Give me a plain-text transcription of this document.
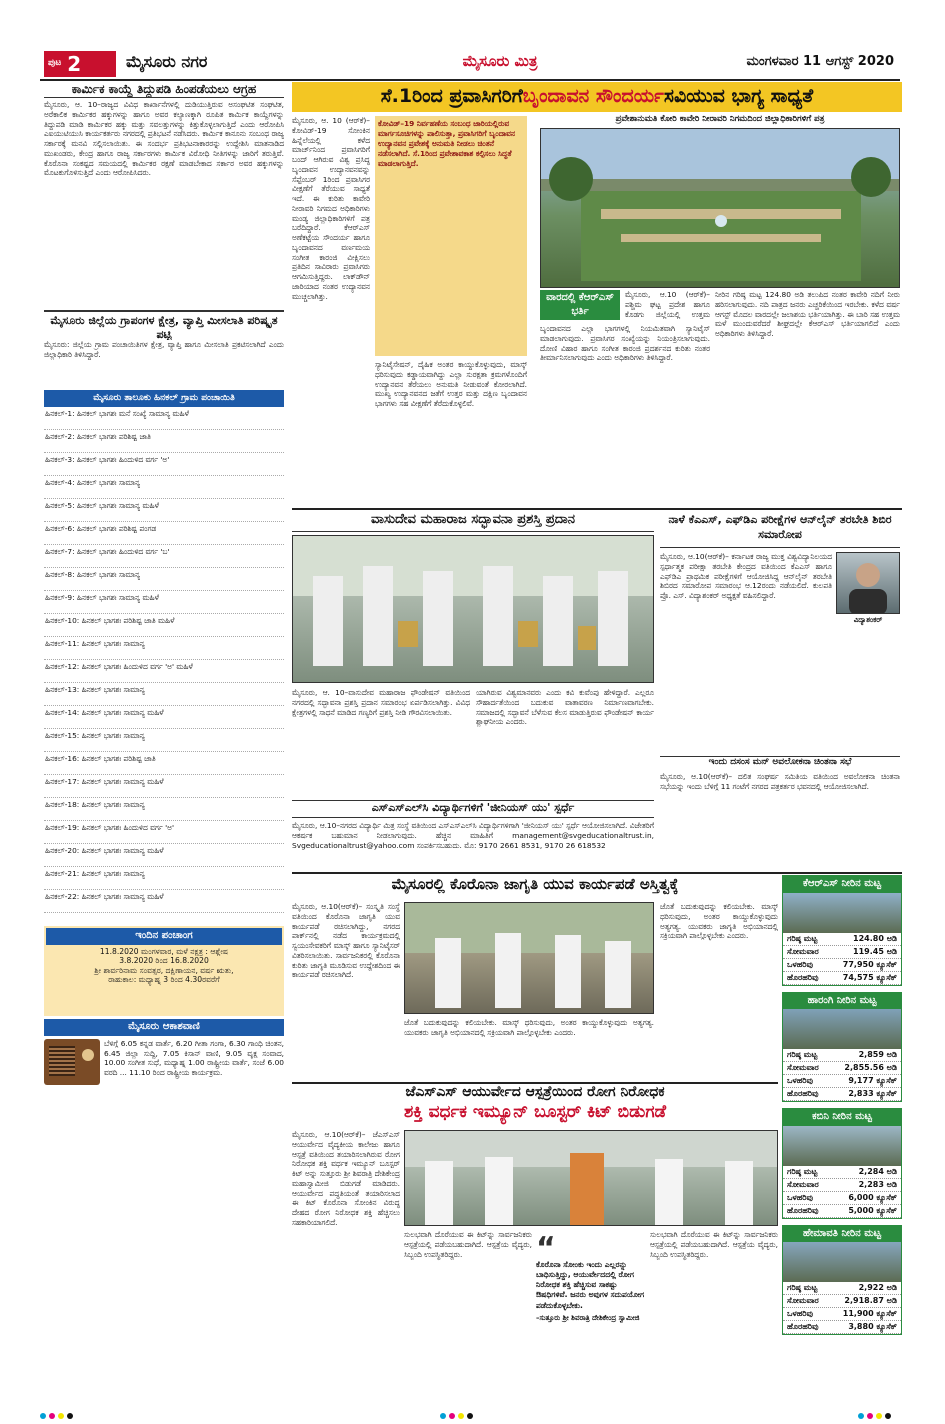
ಪುಟ 2	ಮೈಸೂರು ನಗರ	ಮೈಸೂರು ಮಿತ್ರ	ಮಂಗಳವಾರ 11 ಆಗಸ್ಟ್ 2020
ಕಾರ್ಮಿಕ ಕಾಯ್ದೆ ತಿದ್ದುಪಡಿ ಹಿಂಪಡೆಯಲು ಆಗ್ರಹ
ಮೈಸೂರು, ಆ. 10–ರಾಜ್ಯದ ವಿವಿಧ ಕಾರ್ಖಾನೆಗಳಲ್ಲಿ ದುಡಿಯುತ್ತಿರುವ ಅಸಂಘಟಿತ ಸಂಘಟಿತ, ಅರೆಕಾಲಿಕ ಕಾರ್ಮಿಕರ ಹಕ್ಕುಗಳನ್ನು ಹಾಗೂ ಅವರ ಕಲ್ಯಾಣಕ್ಕಾಗಿ ರೂಪಿತ ಕಾರ್ಮಿಕ ಕಾಯ್ದೆಗಳನ್ನು ತಿದ್ದುಪಡಿ ಮಾಡಿ ಕಾರ್ಮಿಕರ ಹಕ್ಕು ಮತ್ತು ಸವಲತ್ತುಗಳನ್ನು ಕಿತ್ತುಕೊಳ್ಳಲಾಗುತ್ತಿದೆ ಎಂದು ಆರೋಪಿಸಿ ಎಐಯುಟಿಯುಸಿ ಕಾರ್ಯಕರ್ತರು ನಗರದಲ್ಲಿ ಪ್ರತಿಭಟನೆ ನಡೆಸಿದರು. ಕಾರ್ಮಿಕ ಕಾನೂನು ಸಂಬಂಧ ರಾಜ್ಯ ಸರ್ಕಾರಕ್ಕೆ ಮನವಿ ಸಲ್ಲಿಸಲಾಯಿತು. ಈ ಸಂದರ್ಭ ಪ್ರತಿಭಟನಾಕಾರರನ್ನು ಉದ್ದೇಶಿಸಿ ಮಾತನಾಡಿದ ಮುಖಂಡರು, ಕೇಂದ್ರ ಹಾಗೂ ರಾಜ್ಯ ಸರ್ಕಾರಗಳು ಕಾರ್ಮಿಕ ವಿರೋಧಿ ನೀತಿಗಳನ್ನು ಜಾರಿಗೆ ತರುತ್ತಿವೆ. ಕೊರೊನಾ ಸಂಕಷ್ಟದ ಸಮಯದಲ್ಲಿ ಕಾರ್ಮಿಕರ ರಕ್ಷಣೆ ಮಾಡಬೇಕಾದ ಸರ್ಕಾರ ಅವರ ಹಕ್ಕುಗಳನ್ನು ಮೊಟಕುಗೊಳಿಸುತ್ತಿದೆ ಎಂದು ಆರೋಪಿಸಿದರು.
ಮೈಸೂರು ಜಿಲ್ಲೆಯ ಗ್ರಾಪಂಗಳ ಕ್ಷೇತ್ರ, ವ್ಯಾಪ್ತಿ ಮೀಸಲಾತಿ ಪರಿಷ್ಕೃತ ಪಟ್ಟಿ
ಮೈಸೂರು: ಜಿಲ್ಲೆಯ ಗ್ರಾಮ ಪಂಚಾಯಿತಿಗಳ ಕ್ಷೇತ್ರ, ವ್ಯಾಪ್ತಿ ಹಾಗೂ ಮೀಸಲಾತಿ ಪ್ರಕಟಿಸಲಾಗಿದೆ ಎಂದು ಜಿಲ್ಲಾಧಿಕಾರಿ ತಿಳಿಸಿದ್ದಾರೆ.
ಮೈಸೂರು ತಾಲೂಕು ಹಿನಕಲ್ ಗ್ರಾಮ ಪಂಚಾಯಿತಿ
ಹಿನಕಲ್-1: ಹಿನಕಲ್ ಭಾಗಶಃ ಮನೆ ಸಂಖ್ಯೆ ಸಾಮಾನ್ಯ ಮಹಿಳೆ
ಹಿನಕಲ್-2: ಹಿನಕಲ್ ಭಾಗಶಃ ಪರಿಶಿಷ್ಟ ಜಾತಿ
ಹಿನಕಲ್-3: ಹಿನಕಲ್ ಭಾಗಶಃ ಹಿಂದುಳಿದ ವರ್ಗ 'ಅ'
ಹಿನಕಲ್-4: ಹಿನಕಲ್ ಭಾಗಶಃ ಸಾಮಾನ್ಯ
ಹಿನಕಲ್-5: ಹಿನಕಲ್ ಭಾಗಶಃ ಸಾಮಾನ್ಯ ಮಹಿಳೆ
ಹಿನಕಲ್-6: ಹಿನಕಲ್ ಭಾಗಶಃ ಪರಿಶಿಷ್ಟ ಪಂಗಡ
ಹಿನಕಲ್-7: ಹಿನಕಲ್ ಭಾಗಶಃ ಹಿಂದುಳಿದ ವರ್ಗ 'ಬ'
ಹಿನಕಲ್-8: ಹಿನಕಲ್ ಭಾಗಶಃ ಸಾಮಾನ್ಯ
ಹಿನಕಲ್-9: ಹಿನಕಲ್ ಭಾಗಶಃ ಸಾಮಾನ್ಯ ಮಹಿಳೆ
ಹಿನಕಲ್-10: ಹಿನಕಲ್ ಭಾಗಶಃ ಪರಿಶಿಷ್ಟ ಜಾತಿ ಮಹಿಳೆ
ಹಿನಕಲ್-11: ಹಿನಕಲ್ ಭಾಗಶಃ ಸಾಮಾನ್ಯ
ಹಿನಕಲ್-12: ಹಿನಕಲ್ ಭಾಗಶಃ ಹಿಂದುಳಿದ ವರ್ಗ 'ಅ' ಮಹಿಳೆ
ಹಿನಕಲ್-13: ಹಿನಕಲ್ ಭಾಗಶಃ ಸಾಮಾನ್ಯ
ಹಿನಕಲ್-14: ಹಿನಕಲ್ ಭಾಗಶಃ ಸಾಮಾನ್ಯ ಮಹಿಳೆ
ಹಿನಕಲ್-15: ಹಿನಕಲ್ ಭಾಗಶಃ ಸಾಮಾನ್ಯ
ಹಿನಕಲ್-16: ಹಿನಕಲ್ ಭಾಗಶಃ ಪರಿಶಿಷ್ಟ ಜಾತಿ
ಹಿನಕಲ್-17: ಹಿನಕಲ್ ಭಾಗಶಃ ಸಾಮಾನ್ಯ ಮಹಿಳೆ
ಹಿನಕಲ್-18: ಹಿನಕಲ್ ಭಾಗಶಃ ಸಾಮಾನ್ಯ
ಹಿನಕಲ್-19: ಹಿನಕಲ್ ಭಾಗಶಃ ಹಿಂದುಳಿದ ವರ್ಗ 'ಅ'
ಹಿನಕಲ್-20: ಹಿನಕಲ್ ಭಾಗಶಃ ಸಾಮಾನ್ಯ ಮಹಿಳೆ
ಹಿನಕಲ್-21: ಹಿನಕಲ್ ಭಾಗಶಃ ಸಾಮಾನ್ಯ
ಹಿನಕಲ್-22: ಹಿನಕಲ್ ಭಾಗಶಃ ಸಾಮಾನ್ಯ ಮಹಿಳೆ
ಇಂದಿನ ಪಂಚಾಂಗ
11.8.2020 ಮಂಗಳವಾರ, ಮಳೆ ನಕ್ಷತ್ರ : ಆಶ್ಲೇಷ
3.8.2020 ರಿಂದ 16.8.2020
ಶ್ರೀ ಶಾರ್ವರಿನಾಮ ಸಂವತ್ಸರ, ದಕ್ಷಿಣಾಯನ, ವರ್ಷ ಋತು,
ರಾಹುಕಾಲ: ಮಧ್ಯಾಹ್ನ 3 ರಿಂದ 4.30ರವರೆಗೆ
ಮೈಸೂರು ಆಕಾಶವಾಣಿ
ಬೆಳಿಗ್ಗೆ 6.05 ಕನ್ನಡ ವಾರ್ತೆ, 6.20 ಗೀತಾ ಗಂಗಾ, 6.30 ಗಾಂಧಿ ಚಿಂತನ, 6.45 ಜಿಲ್ಲಾ ಸುದ್ದಿ, 7.05 ಕಿಸಾನ್ ವಾಣಿ, 9.05 ವೃಕ್ಷ ಸಂವಾದ, 10.00 ಸಂಗೀತ ಸುಧೆ, ಮಧ್ಯಾಹ್ನ 1.00 ರಾಷ್ಟ್ರೀಯ ವಾರ್ತೆ, ಸಂಜೆ 6.00 ವರದಿ ... 11.10 ರಿಂದ ರಾಷ್ಟ್ರೀಯ ಕಾರ್ಯಕ್ರಮ.
ಸೆ.1ರಿಂದ ಪ್ರವಾಸಿಗರಿಗೆ ಬೃಂದಾವನ ಸೌಂದರ್ಯ ಸವಿಯುವ ಭಾಗ್ಯ ಸಾಧ್ಯತೆ
ಮೈಸೂರು, ಆ. 10 (ಆರ್‌ಕೆ)– ಕೋವಿಡ್-19 ಸೋಂಕಿನ ಹಿನ್ನೆಲೆಯಲ್ಲಿ ಕಳೆದ ಮಾರ್ಚ್‌ನಿಂದ ಪ್ರವಾಸಿಗರಿಗೆ ಬಂದ್ ಆಗಿರುವ ವಿಶ್ವ ಪ್ರಸಿದ್ಧ ಬೃಂದಾವನ ಉದ್ಯಾನವನವನ್ನು ಸೆಪ್ಟೆಂಬರ್ 1ರಿಂದ ಪ್ರವಾಸಿಗರ ವೀಕ್ಷಣೆಗೆ ತೆರೆಯುವ ಸಾಧ್ಯತೆ ಇದೆ. ಈ ಕುರಿತು ಕಾವೇರಿ ನೀರಾವರಿ ನಿಗಮದ ಅಧಿಕಾರಿಗಳು ಮಂಡ್ಯ ಜಿಲ್ಲಾಧಿಕಾರಿಗಳಿಗೆ ಪತ್ರ ಬರೆದಿದ್ದಾರೆ. ಕೆಆರ್‌ಎಸ್ ಅಣೆಕಟ್ಟೆಯ ಸೌಂದರ್ಯ ಹಾಗೂ ಬೃಂದಾವನದ ವರ್ಣಮಯ ಸಂಗೀತ ಕಾರಂಜಿ ವೀಕ್ಷಿಸಲು ಪ್ರತಿದಿನ ಸಾವಿರಾರು ಪ್ರವಾಸಿಗರು ಆಗಮಿಸುತ್ತಿದ್ದರು. ಲಾಕ್‌ಡೌನ್ ಜಾರಿಯಾದ ನಂತರ ಉದ್ಯಾನವನ ಮುಚ್ಚಲಾಗಿತ್ತು.
ಕೋವಿಡ್–19 ನಿರ್ವಹಣೆಯ ಸಂಬಂಧ ಜಾರಿಯಲ್ಲಿರುವ ಮಾರ್ಗಸೂಚಿಗಳನ್ನು ಪಾಲಿಸುತ್ತಾ, ಪ್ರವಾಸಿಗರಿಗೆ ಬೃಂದಾವನ ಉದ್ಯಾನವನ ಪ್ರವೇಶಕ್ಕೆ ಅನುಮತಿ ನೀಡಲು ಚಿಂತನೆ ನಡೆಸಲಾಗಿದೆ. ಸೆ.1ರಿಂದ ಪ್ರವೇಶಾವಕಾಶ ಕಲ್ಪಿಸಲು ಸಿದ್ಧತೆ ಮಾಡಲಾಗುತ್ತಿದೆ.
ಸ್ಯಾನಿಟೈಸೇಷನ್, ದೈಹಿಕ ಅಂತರ ಕಾಯ್ದುಕೊಳ್ಳುವುದು, ಮಾಸ್ಕ್ ಧರಿಸುವುದು ಕಡ್ಡಾಯವಾಗಿದ್ದು ಎಲ್ಲಾ ಸುರಕ್ಷತಾ ಕ್ರಮಗಳೊಂದಿಗೆ ಉದ್ಯಾನವನ ತೆರೆಯಲು ಅನುಮತಿ ನೀಡುವಂತೆ ಕೋರಲಾಗಿದೆ. ಮುಖ್ಯ ಉದ್ಯಾನವನದ ಜತೆಗೆ ಉತ್ತರ ಮತ್ತು ದಕ್ಷಿಣ ಬೃಂದಾವನ ಭಾಗಗಳು ಸಹ ವೀಕ್ಷಣೆಗೆ ತೆರೆದುಕೊಳ್ಳಲಿವೆ.
ಪ್ರವೇಶಾನುಮತಿ ಕೋರಿ ಕಾವೇರಿ ನೀರಾವರಿ ನಿಗಮದಿಂದ ಜಿಲ್ಲಾಧಿಕಾರಿಗಳಿಗೆ ಪತ್ರ
ವಾರದಲ್ಲಿ ಕೆಆರ್‌ಎಸ್ ಭರ್ತಿ
ಬೃಂದಾವನದ ಎಲ್ಲಾ ಭಾಗಗಳಲ್ಲಿ ನಿಯಮಿತವಾಗಿ ಸ್ಯಾನಿಟೈಸ್ ಮಾಡಲಾಗುವುದು. ಪ್ರವಾಸಿಗರ ಸಂಖ್ಯೆಯನ್ನು ನಿಯಂತ್ರಿಸಲಾಗುವುದು. ದೋಣಿ ವಿಹಾರ ಹಾಗೂ ಸಂಗೀತ ಕಾರಂಜಿ ಪ್ರದರ್ಶನದ ಕುರಿತು ನಂತರ ತೀರ್ಮಾನಿಸಲಾಗುವುದು ಎಂದು ಅಧಿಕಾರಿಗಳು ತಿಳಿಸಿದ್ದಾರೆ.
ಮೈಸೂರು, ಆ.10 (ಆರ್‌ಕೆ)– ಪಶ್ಚಿಮ ಘಟ್ಟ ಪ್ರದೇಶ ಹಾಗೂ ಕೊಡಗು ಜಿಲ್ಲೆಯಲ್ಲಿ ಉತ್ತಮ
ನೀರಿನ ಗರಿಷ್ಠ ಮಟ್ಟ 124.80 ಅಡಿ ತಲುಪಿದ ನಂತರ ಕಾವೇರಿ ನದಿಗೆ ನೀರು ಹರಿಸಲಾಗುವುದು. ನದಿ ಪಾತ್ರದ ಜನರು ಎಚ್ಚರಿಕೆಯಿಂದ ಇರಬೇಕು. ಕಳೆದ ವರ್ಷ ಆಗಸ್ಟ್ ಮೊದಲ ವಾರದಲ್ಲೇ ಜಲಾಶಯ ಭರ್ತಿಯಾಗಿತ್ತು. ಈ ಬಾರಿ ಸಹ ಉತ್ತಮ ಮಳೆ ಮುಂದುವರೆದರೆ ಶೀಘ್ರದಲ್ಲೇ ಕೆಆರ್‌ಎಸ್ ಭರ್ತಿಯಾಗಲಿದೆ ಎಂದು ಅಧಿಕಾರಿಗಳು ತಿಳಿಸಿದ್ದಾರೆ.
ವಾಸುದೇವ ಮಹಾರಾಜ ಸದ್ಭಾವನಾ ಪ್ರಶಸ್ತಿ ಪ್ರದಾನ
ಮೈಸೂರು, ಆ. 10–ವಾಸುದೇವ ಮಹಾರಾಜ ಫೌಂಡೇಷನ್ ವತಿಯಿಂದ ನಗರದಲ್ಲಿ ಸದ್ಭಾವನಾ ಪ್ರಶಸ್ತಿ ಪ್ರದಾನ ಸಮಾರಂಭ ಏರ್ಪಡಿಸಲಾಗಿತ್ತು. ವಿವಿಧ ಕ್ಷೇತ್ರಗಳಲ್ಲಿ ಸಾಧನೆ ಮಾಡಿದ ಗಣ್ಯರಿಗೆ ಪ್ರಶಸ್ತಿ ನೀಡಿ ಗೌರವಿಸಲಾಯಿತು.
ಯಾಗಿರುವ ವಿಶ್ವಮಾನವರು ಎಂದು ಕವಿ ಕುವೆಂಪು ಹೇಳಿದ್ದಾರೆ. ಎಲ್ಲರೂ ಸೌಹಾರ್ದತೆಯಿಂದ ಬದುಕುವ ವಾತಾವರಣ ನಿರ್ಮಾಣವಾಗಬೇಕು. ಸಮಾಜದಲ್ಲಿ ಸದ್ಭಾವನೆ ಬೆಳೆಸುವ ಕೆಲಸ ಮಾಡುತ್ತಿರುವ ಫೌಂಡೇಷನ್ ಕಾರ್ಯ ಶ್ಲಾಘನೀಯ ಎಂದರು.
ನಾಳೆ ಕೆಎಎಸ್, ಎಫ್‌ಡಿಎ ಪರೀಕ್ಷೆಗಳ ಆನ್‌ಲೈನ್ ತರಬೇತಿ ಶಿಬಿರ ಸಮಾರೋಪ
ಮೈಸೂರು, ಆ.10(ಆರ್‌ಕೆ)– ಕರ್ನಾಟಕ ರಾಜ್ಯ ಮುಕ್ತ ವಿಶ್ವವಿದ್ಯಾನಿಲಯದ ಸ್ಪರ್ಧಾತ್ಮಕ ಪರೀಕ್ಷಾ ತರಬೇತಿ ಕೇಂದ್ರದ ವತಿಯಿಂದ ಕೆಎಎಸ್ ಹಾಗೂ ಎಫ್‌ಡಿಎ ಪ್ರಾಥಮಿಕ ಪರೀಕ್ಷೆಗಳಿಗೆ ಆಯೋಜಿಸಿದ್ದ ಆನ್‌ಲೈನ್ ತರಬೇತಿ ಶಿಬಿರದ ಸಮಾರೋಪ ಸಮಾರಂಭ ಆ.12ರಂದು ನಡೆಯಲಿದೆ. ಕುಲಪತಿ ಪ್ರೊ. ಎಸ್. ವಿದ್ಯಾಶಂಕರ್ ಅಧ್ಯಕ್ಷತೆ ವಹಿಸಲಿದ್ದಾರೆ.
ವಿದ್ಯಾಶಂಕರ್
ಇಂದು ದಸಂಸ ಮನ್ ಅವಲೋಕನಾ ಚಿಂತನಾ ಸಭೆ
ಮೈಸೂರು, ಆ.10(ಆರ್‌ಕೆ)– ದಲಿತ ಸಂಘರ್ಷ ಸಮಿತಿಯ ವತಿಯಿಂದ ಅವಲೋಕನಾ ಚಿಂತನಾ ಸಭೆಯನ್ನು ಇಂದು ಬೆಳಿಗ್ಗೆ 11 ಗಂಟೆಗೆ ನಗರದ ಪತ್ರಕರ್ತರ ಭವನದಲ್ಲಿ ಆಯೋಜಿಸಲಾಗಿದೆ.
ಎಸ್‌ಎಸ್‌ಎಲ್‌ಸಿ ವಿದ್ಯಾರ್ಥಿಗಳಿಗೆ 'ಜೀನಿಯಸ್ ಯು' ಸ್ಪರ್ಧೆ
ಮೈಸೂರು, ಆ.10–ನಗರದ ವಿದ್ಯಾರ್ಥಿ ಮಿತ್ರ ಸಂಸ್ಥೆ ವತಿಯಿಂದ ಎಸ್‌ಎಸ್‌ಎಲ್‌ಸಿ ವಿದ್ಯಾರ್ಥಿಗಳಿಗಾಗಿ 'ಜೀನಿಯಸ್ ಯು' ಸ್ಪರ್ಧೆ ಆಯೋಜಿಸಲಾಗಿದೆ. ವಿಜೇತರಿಗೆ ಆಕರ್ಷಕ ಬಹುಮಾನ ನೀಡಲಾಗುವುದು. ಹೆಚ್ಚಿನ ಮಾಹಿತಿಗೆ management@svgeducationaltrust.in, Svgeducationaltrust@yahoo.com ಸಂಪರ್ಕಿಸಬಹುದು. ಮೊ: 9170 2661 8531, 9170 26 618532
ಮೈಸೂರಲ್ಲಿ ಕೊರೊನಾ ಜಾಗೃತಿ ಯುವ ಕಾರ್ಯಪಡೆ ಅಸ್ತಿತ್ವಕ್ಕೆ
ಮೈಸೂರು, ಆ.10(ಆರ್‌ಕೆ)– ಸಂಸ್ಕೃತಿ ಸಂಸ್ಥೆ ವತಿಯಿಂದ ಕೊರೊನಾ ಜಾಗೃತಿ ಯುವ ಕಾರ್ಯಪಡೆ ರಚಿಸಲಾಗಿದ್ದು, ನಗರದ ಪಾರ್ಕ್‌ನಲ್ಲಿ ನಡೆದ ಕಾರ್ಯಕ್ರಮದಲ್ಲಿ ಸ್ವಯಂಸೇವಕರಿಗೆ ಮಾಸ್ಕ್ ಹಾಗೂ ಸ್ಯಾನಿಟೈಸರ್ ವಿತರಿಸಲಾಯಿತು. ಸಾರ್ವಜನಿಕರಲ್ಲಿ ಕೊರೊನಾ ಕುರಿತು ಜಾಗೃತಿ ಮೂಡಿಸುವ ಉದ್ದೇಶದಿಂದ ಈ ಕಾರ್ಯಪಡೆ ರಚಿಸಲಾಗಿದೆ.
ಜೊತೆ ಬದುಕುವುದನ್ನು ಕಲಿಯಬೇಕು. ಮಾಸ್ಕ್ ಧರಿಸುವುದು, ಅಂತರ ಕಾಯ್ದುಕೊಳ್ಳುವುದು ಅತ್ಯಗತ್ಯ. ಯುವಕರು ಜಾಗೃತಿ ಅಭಿಯಾನದಲ್ಲಿ ಸಕ್ರಿಯವಾಗಿ ಪಾಲ್ಗೊಳ್ಳಬೇಕು ಎಂದರು.
ಜೊತೆ ಬದುಕುವುದನ್ನು ಕಲಿಯಬೇಕು. ಮಾಸ್ಕ್ ಧರಿಸುವುದು, ಅಂತರ ಕಾಯ್ದುಕೊಳ್ಳುವುದು ಅತ್ಯಗತ್ಯ. ಯುವಕರು ಜಾಗೃತಿ ಅಭಿಯಾನದಲ್ಲಿ ಸಕ್ರಿಯವಾಗಿ ಪಾಲ್ಗೊಳ್ಳಬೇಕು ಎಂದರು.
ಜೆಎಸ್‌ಎಸ್ ಆಯುರ್ವೇದ ಆಸ್ಪತ್ರೆಯಿಂದ ರೋಗ ನಿರೋಧಕ
ಶಕ್ತಿ ವರ್ಧಕ ಇಮ್ಯೂನ್ ಬೂಸ್ಟರ್ ಕಿಟ್ ಬಿಡುಗಡೆ
ಮೈಸೂರು, ಆ.10(ಆರ್‌ಕೆ)– ಜೆಎಸ್‌ಎಸ್ ಆಯುರ್ವೇದ ವೈದ್ಯಕೀಯ ಕಾಲೇಜು ಹಾಗೂ ಆಸ್ಪತ್ರೆ ವತಿಯಿಂದ ತಯಾರಿಸಲಾಗಿರುವ ರೋಗ ನಿರೋಧಕ ಶಕ್ತಿ ವರ್ಧಕ ಇಮ್ಯೂನ್ ಬೂಸ್ಟರ್ ಕಿಟ್ ಅನ್ನು ಸುತ್ತೂರು ಶ್ರೀ ಶಿವರಾತ್ರಿ ದೇಶಿಕೇಂದ್ರ ಮಹಾಸ್ವಾಮೀಜಿ ಬಿಡುಗಡೆ ಮಾಡಿದರು. ಆಯುರ್ವೇದ ಪದ್ಧತಿಯಂತೆ ತಯಾರಿಸಲಾದ ಈ ಕಿಟ್ ಕೊರೊನಾ ಸೋಂಕಿನ ವಿರುದ್ಧ ದೇಹದ ರೋಗ ನಿರೋಧಕ ಶಕ್ತಿ ಹೆಚ್ಚಿಸಲು ಸಹಕಾರಿಯಾಗಲಿದೆ.
ಸುಲಭವಾಗಿ ದೊರೆಯುವ ಈ ಕಿಟ್‌ನ್ನು ಸಾರ್ವಜನಿಕರು ಆಸ್ಪತ್ರೆಯಲ್ಲಿ ಪಡೆಯಬಹುದಾಗಿದೆ. ಆಸ್ಪತ್ರೆಯ ವೈದ್ಯರು, ಸಿಬ್ಬಂದಿ ಉಪಸ್ಥಿತರಿದ್ದರು.	“
ಕೊರೊನಾ ಸೋಂಕು ಇಂದು ಎಲ್ಲರನ್ನು ಬಾಧಿಸುತ್ತಿದ್ದು, ಆಯುರ್ವೇದದಲ್ಲಿ ರೋಗ ನಿರೋಧಕ ಶಕ್ತಿ ಹೆಚ್ಚಿಸುವ ಸಾಕಷ್ಟು ಔಷಧಿಗಳಿವೆ. ಜನರು ಅವುಗಳ ಸದುಪಯೋಗ ಪಡೆದುಕೊಳ್ಳಬೇಕು.
–ಸುತ್ತೂರು ಶ್ರೀ ಶಿವರಾತ್ರಿ ದೇಶಿಕೇಂದ್ರ ಸ್ವಾಮೀಜಿ
ಸುಲಭವಾಗಿ ದೊರೆಯುವ ಈ ಕಿಟ್‌ನ್ನು ಸಾರ್ವಜನಿಕರು ಆಸ್ಪತ್ರೆಯಲ್ಲಿ ಪಡೆಯಬಹುದಾಗಿದೆ. ಆಸ್ಪತ್ರೆಯ ವೈದ್ಯರು, ಸಿಬ್ಬಂದಿ ಉಪಸ್ಥಿತರಿದ್ದರು.
ಕೆಆರ್‌ಎಸ್ ನೀರಿನ ಮಟ್ಟ
ಗರಿಷ್ಠ ಮಟ್ಟ	124.80 ಅಡಿ
ಸೋಮವಾರ	119.45 ಅಡಿ
ಒಳಹರಿವು	77,950 ಕ್ಯೂಸೆಕ್
ಹೊರಹರಿವು	74,575 ಕ್ಯೂಸೆಕ್
ಹಾರಂಗಿ ನೀರಿನ ಮಟ್ಟ
ಗರಿಷ್ಠ ಮಟ್ಟ	2,859 ಅಡಿ
ಸೋಮವಾರ	2,855.56 ಅಡಿ
ಒಳಹರಿವು	9,177 ಕ್ಯೂಸೆಕ್
ಹೊರಹರಿವು	2,833 ಕ್ಯೂಸೆಕ್
ಕಬಿನಿ ನೀರಿನ ಮಟ್ಟ
ಗರಿಷ್ಠ ಮಟ್ಟ	2,284 ಅಡಿ
ಸೋಮವಾರ	2,283 ಅಡಿ
ಒಳಹರಿವು	6,000 ಕ್ಯೂಸೆಕ್
ಹೊರಹರಿವು	5,000 ಕ್ಯೂಸೆಕ್
ಹೇಮಾವತಿ ನೀರಿನ ಮಟ್ಟ
ಗರಿಷ್ಠ ಮಟ್ಟ	2,922 ಅಡಿ
ಸೋಮವಾರ	2,918.87 ಅಡಿ
ಒಳಹರಿವು	11,900 ಕ್ಯೂಸೆಕ್
ಹೊರಹರಿವು	3,880 ಕ್ಯೂಸೆಕ್
